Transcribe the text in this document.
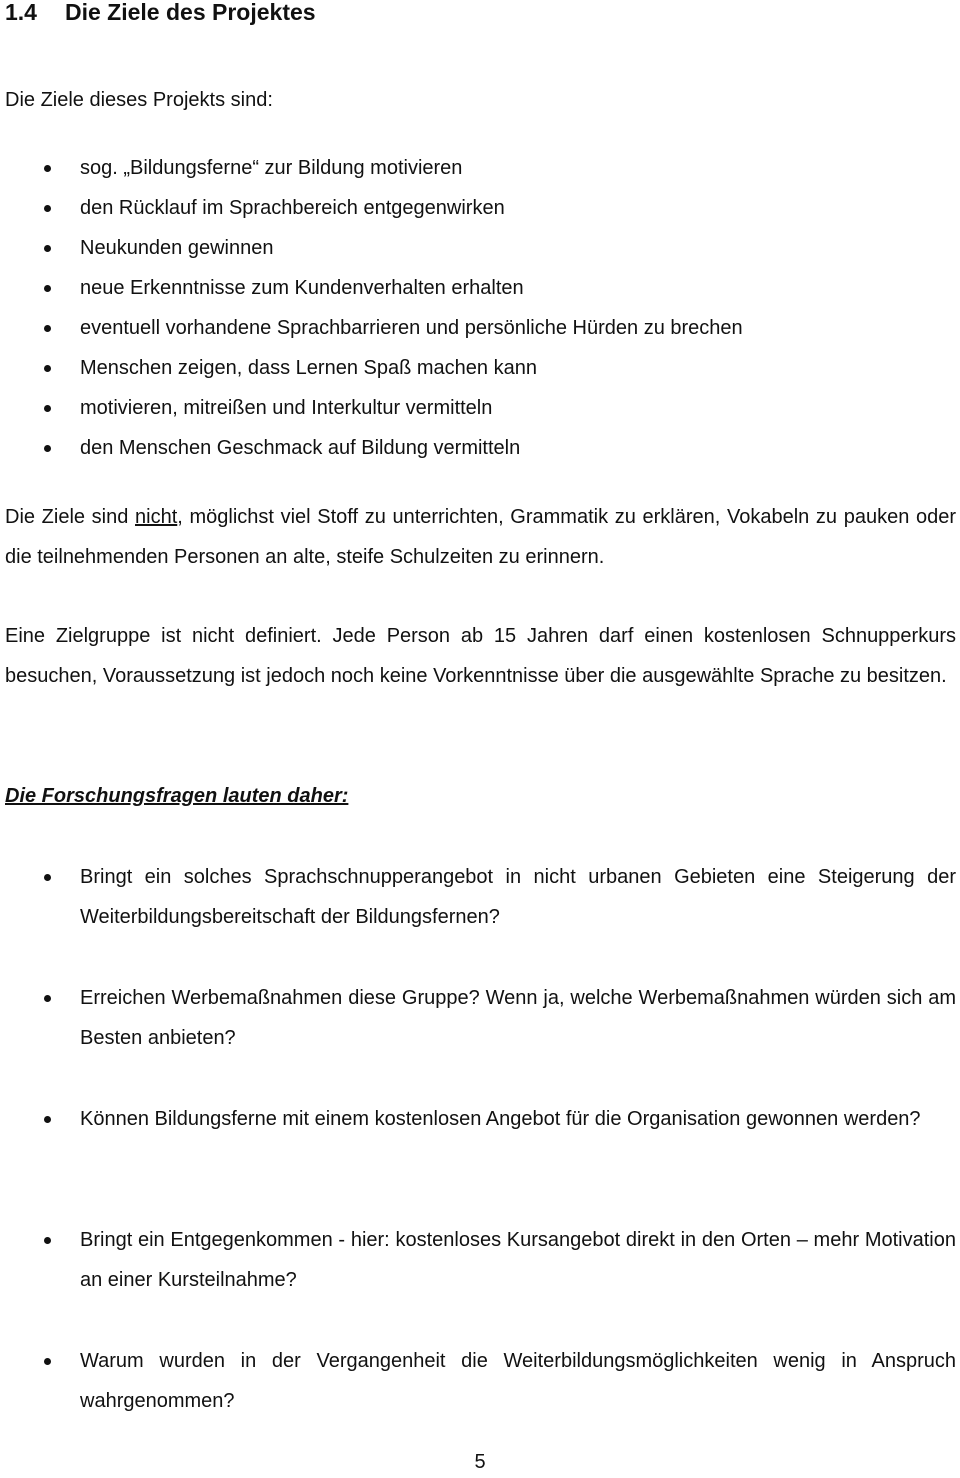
1.4 Die Ziele des Projektes

Die Ziele dieses Projekts sind:

sog. „Bildungsferne“ zur Bildung motivieren
den Rücklauf im Sprachbereich entgegenwirken
Neukunden gewinnen
neue Erkenntnisse zum Kundenverhalten erhalten
eventuell vorhandene Sprachbarrieren und persönliche Hürden zu brechen
Menschen zeigen, dass Lernen Spaß machen kann
motivieren, mitreißen und Interkultur vermitteln
den Menschen Geschmack auf Bildung vermitteln

Die Ziele sind nicht, möglichst viel Stoff zu unterrichten, Grammatik zu erklären, Vokabeln zu pauken oder die teilnehmenden Personen an alte, steife Schulzeiten zu erinnern.

Eine Zielgruppe ist nicht definiert. Jede Person ab 15 Jahren darf einen kostenlosen Schnupperkurs besuchen, Voraussetzung ist jedoch noch keine Vorkenntnisse über die ausgewählte Sprache zu besitzen.

Die Forschungsfragen lauten daher:
Bringt ein solches Sprachschnupperangebot in nicht urbanen Gebieten eine Steigerung der Weiterbildungsbereitschaft der Bildungsfernen?
Erreichen Werbemaßnahmen diese Gruppe? Wenn ja, welche Werbemaßnahmen würden sich am Besten anbieten?
Können Bildungsferne mit einem kostenlosen Angebot für die Organisation gewonnen werden?
Bringt ein Entgegenkommen - hier: kostenloses Kursangebot direkt in den Orten – mehr Motivation an einer Kursteilnahme?
Warum wurden in der Vergangenheit die Weiterbildungsmöglichkeiten wenig in Anspruch wahrgenommen?
5
